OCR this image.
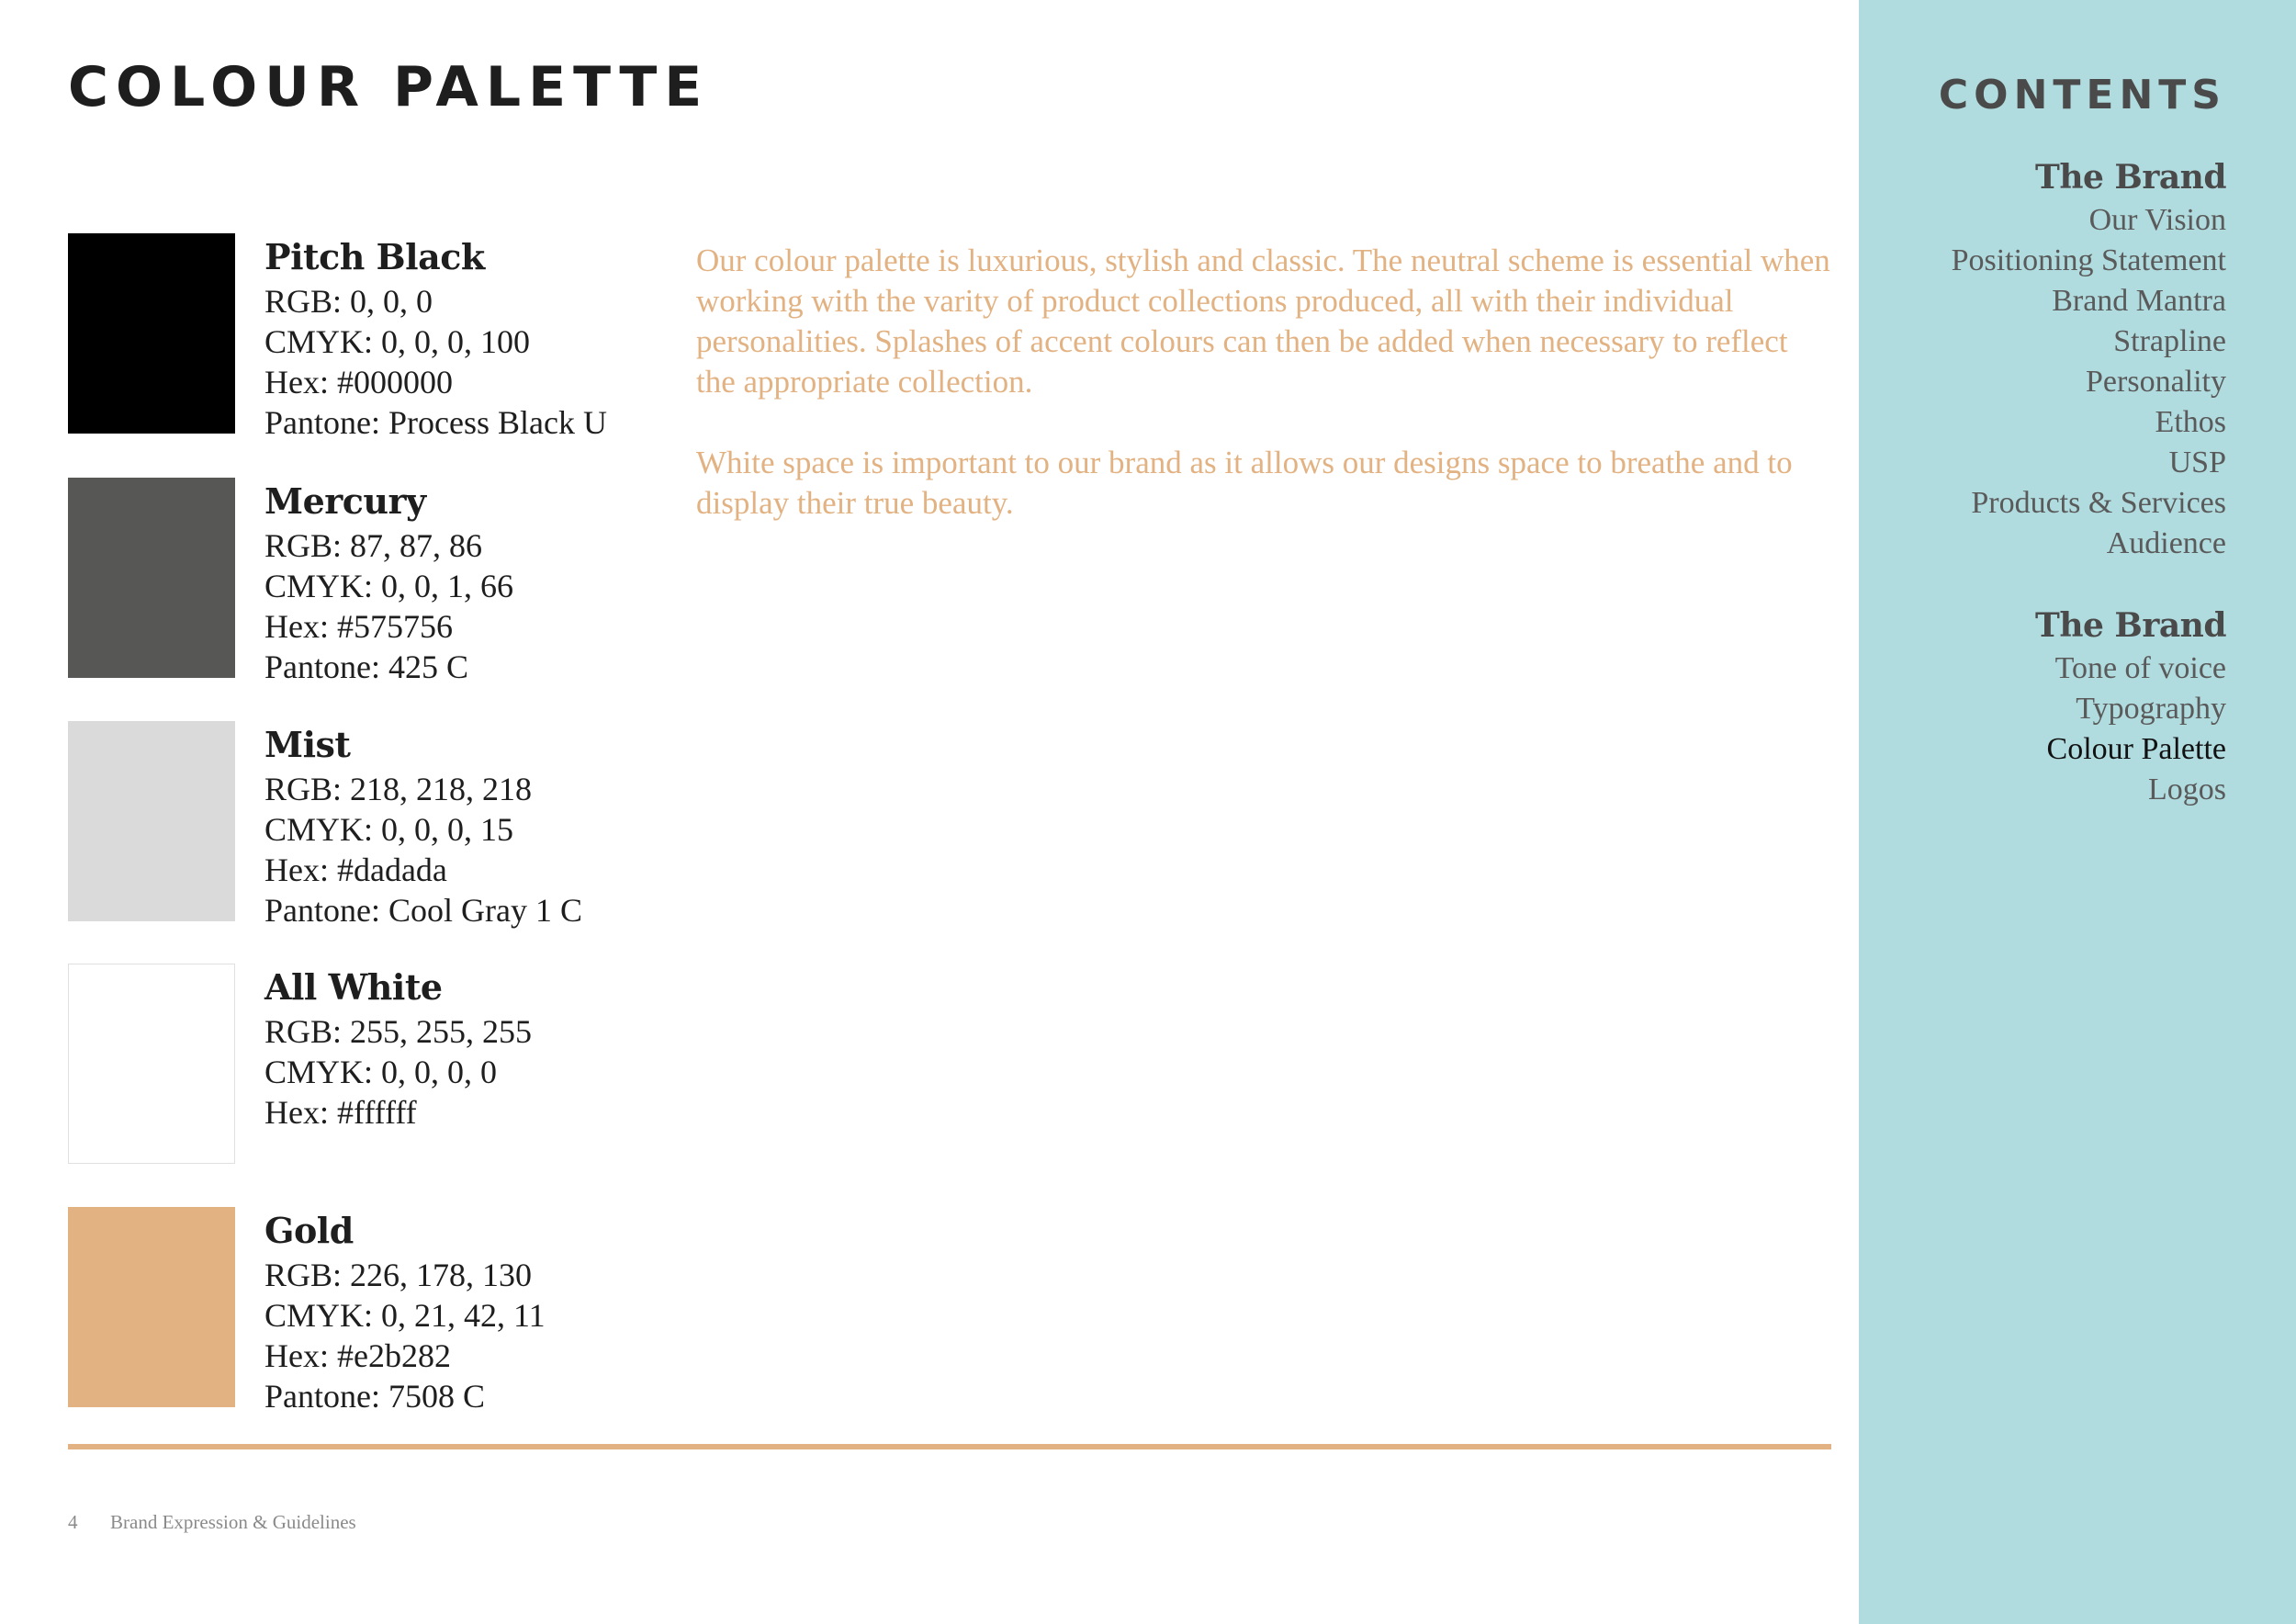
COLOUR PALETTE
Pitch Black
RGB: 0, 0, 0
CMYK: 0, 0, 0, 100
Hex: #000000
Pantone: Process Black U
Mercury
RGB: 87, 87, 86
CMYK: 0, 0, 1, 66
Hex: #575756
Pantone: 425 C
Mist
RGB: 218, 218, 218
CMYK: 0, 0, 0, 15
Hex: #dadada
Pantone: Cool Gray 1 C
All White
RGB: 255, 255, 255
CMYK: 0, 0, 0, 0
Hex: #ffffff
Gold
RGB: 226, 178, 130
CMYK: 0, 21, 42, 11
Hex: #e2b282
Pantone: 7508 C

Our colour palette is luxurious, stylish and classic. The neutral scheme is essential when working with the varity of product collections produced, all with their individual personalities. Splashes of accent colours can then be added when necessary to reflect the appropriate collection.

White space is important to our brand as it allows our designs space to breathe and to display their true beauty.

4 Brand Expression & Guidelines
CONTENTS
The Brand
Our Vision
Positioning Statement
Brand Mantra
Strapline
Personality
Ethos
USP
Products & Services
Audience
The Brand
Tone of voice
Typography
Colour Palette
Logos
